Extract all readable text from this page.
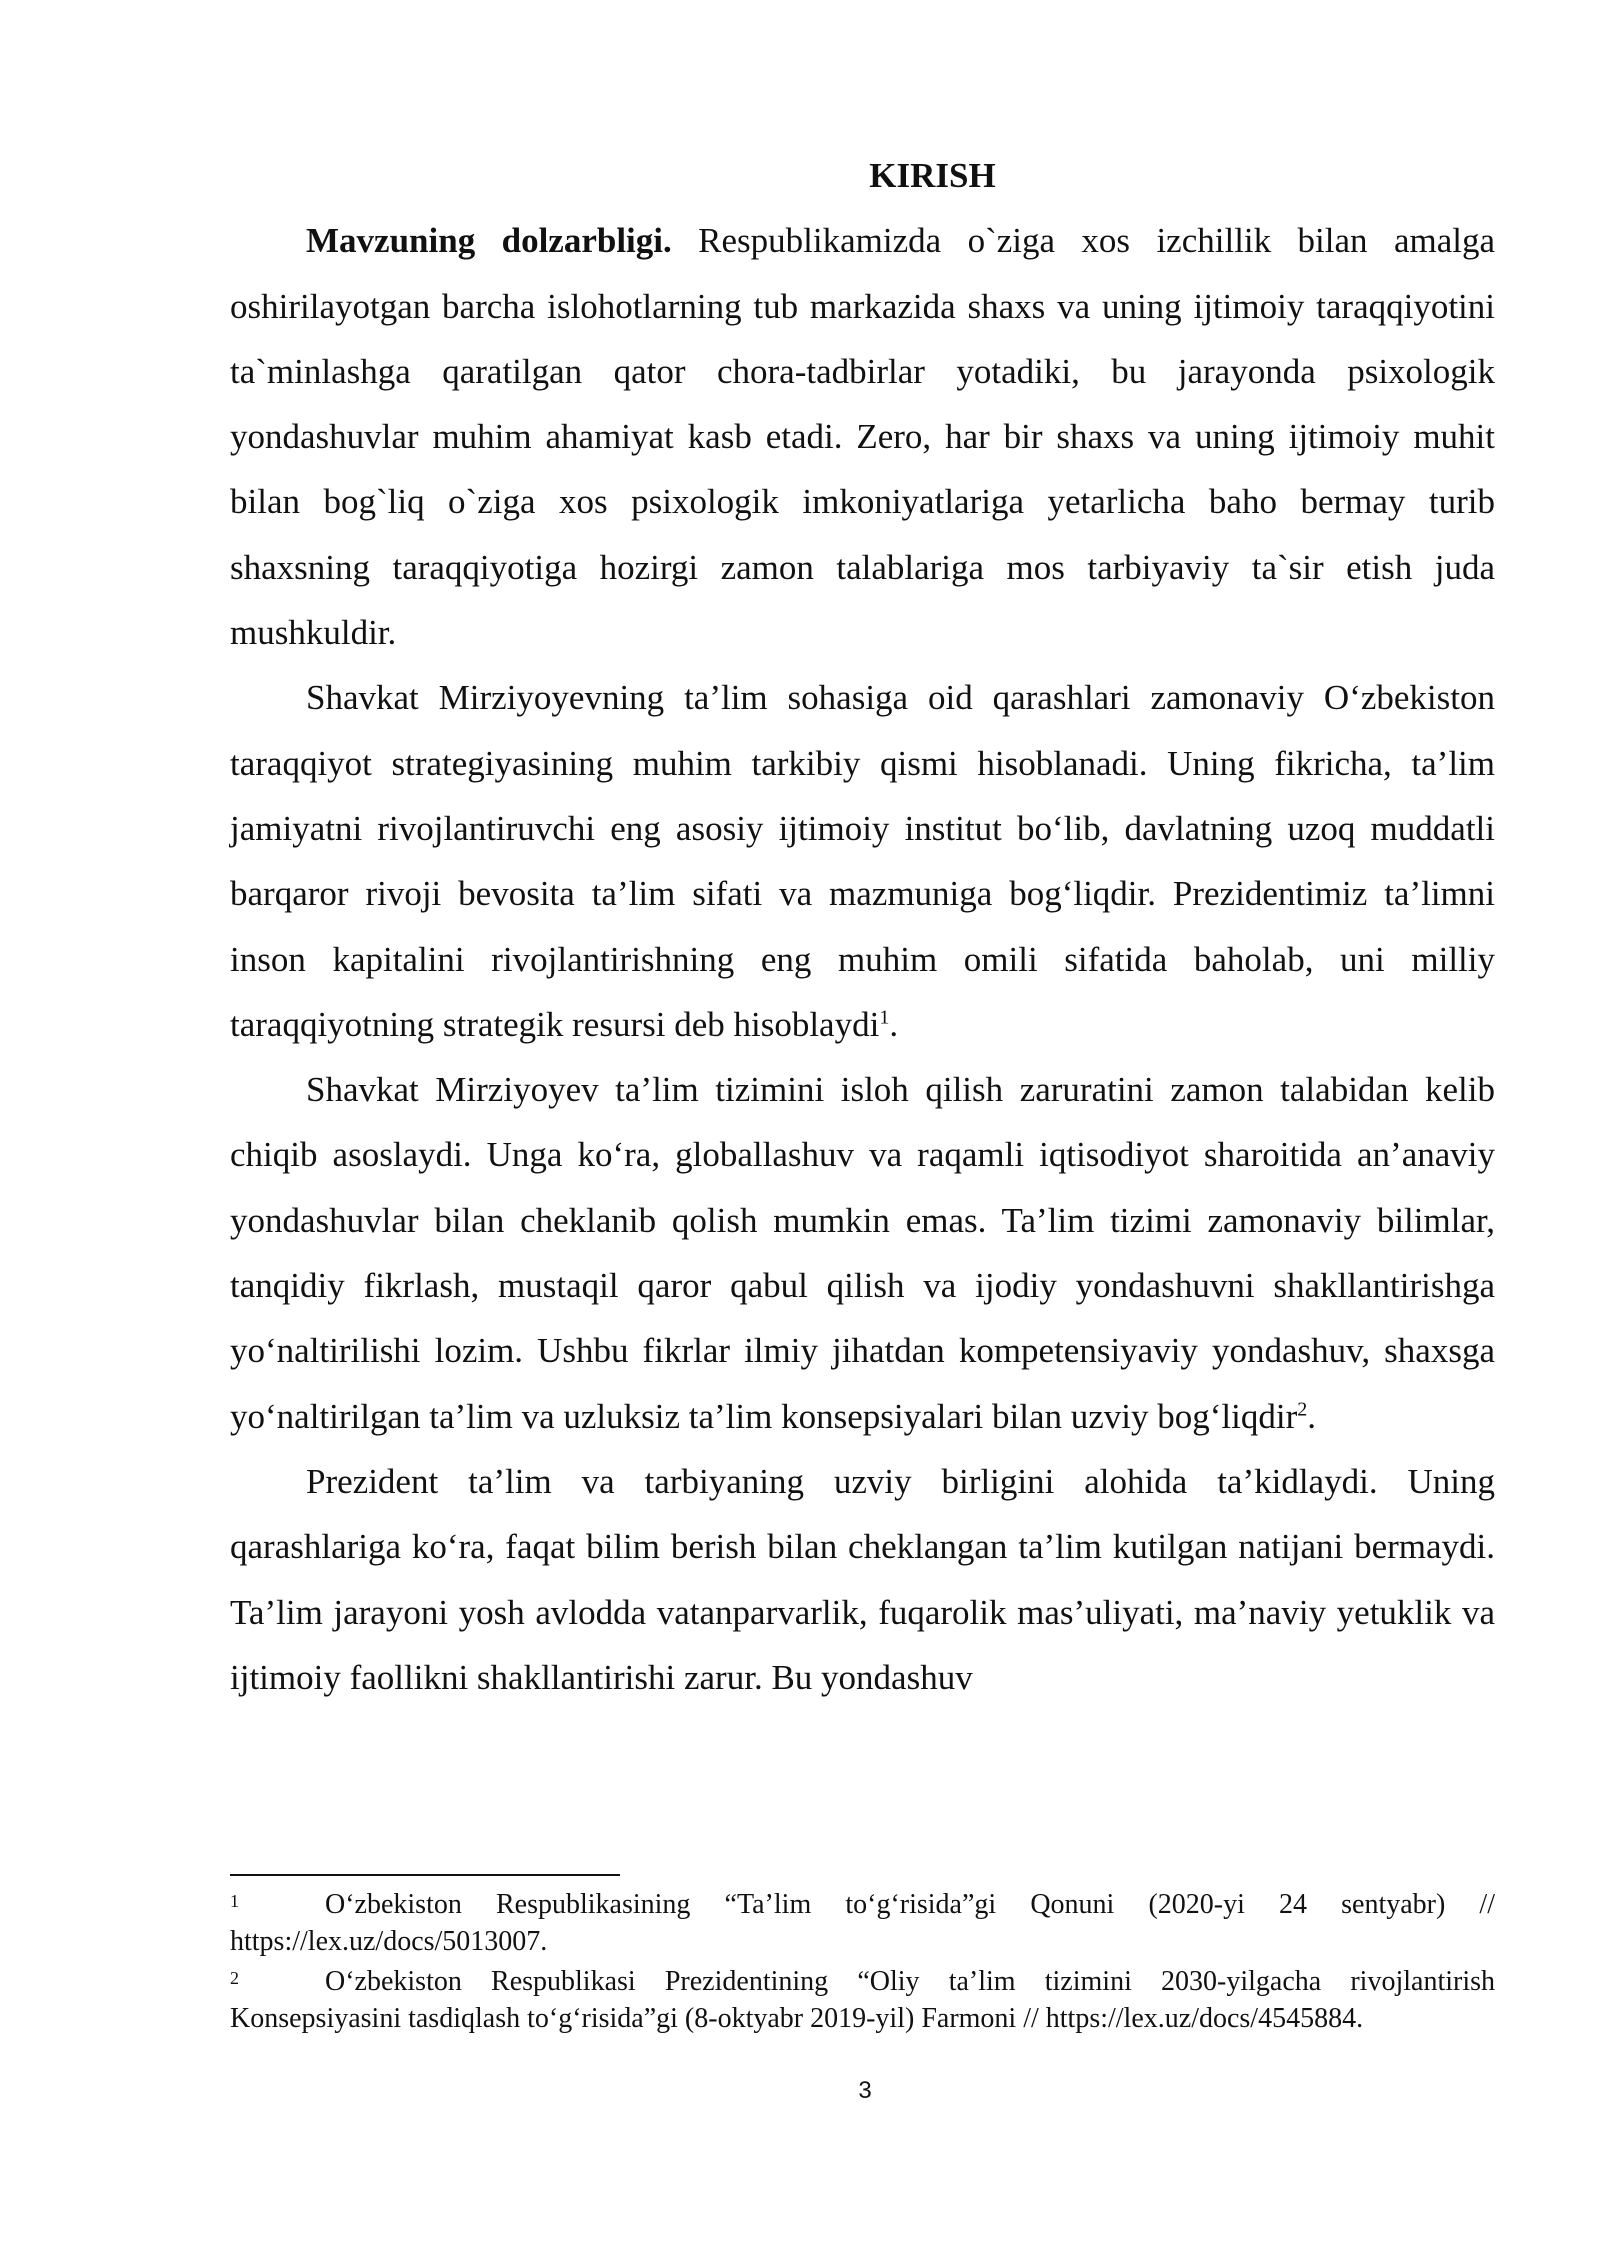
KIRISH

Mavzuning dolzarbligi. Respublikamizda o`ziga xos izchillik bilan amalga oshirilayotgan barcha islohotlarning tub markazida shaxs va uning ijtimoiy taraqqiyotini ta`minlashga qaratilgan qator chora-tadbirlar yotadiki, bu jarayonda psixologik yondashuvlar muhim ahamiyat kasb etadi. Zero, har bir shaxs va uning ijtimoiy muhit bilan bog`liq o`ziga xos psixologik imkoniyatlariga yetarlicha baho bermay turib shaxsning taraqqiyotiga hozirgi zamon talablariga mos tarbiyaviy ta`sir etish juda mushkuldir.

Shavkat Mirziyoyevning ta’lim sohasiga oid qarashlari zamonaviy O‘zbekiston taraqqiyot strategiyasining muhim tarkibiy qismi hisoblanadi. Uning fikricha, ta’lim jamiyatni rivojlantiruvchi eng asosiy ijtimoiy institut bo‘lib, davlatning uzoq muddatli barqaror rivoji bevosita ta’lim sifati va mazmuniga bog‘liqdir. Prezidentimiz ta’limni inson kapitalini rivojlantirishning eng muhim omili sifatida baholab, uni milliy taraqqiyotning strategik resursi deb hisoblaydi$^1$.

Shavkat Mirziyoyev ta’lim tizimini isloh qilish zaruratini zamon talabidan kelib chiqib asoslaydi. Unga ko‘ra, globallashuv va raqamli iqtisodiyot sharoitida an’anaviy yondashuvlar bilan cheklanib qolish mumkin emas. Ta’lim tizimi zamonaviy bilimlar, tanqidiy fikrlash, mustaqil qaror qabul qilish va ijodiy yondashuvni shakllantirishga yo‘naltirilishi lozim. Ushbu fikrlar ilmiy jihatdan kompetensiyaviy yondashuv, shaxsga yo‘naltirilgan ta’lim va uzluksiz ta’lim konsepsiyalari bilan uzviy bog‘liqdir$^2$.

Prezident ta’lim va tarbiyaning uzviy birligini alohida ta’kidlaydi. Uning qarashlariga ko‘ra, faqat bilim berish bilan cheklangan ta’lim kutilgan natijani bermaydi. Ta’lim jarayoni yosh avlodda vatanparvarlik, fuqarolik mas’uliyati, ma’naviy yetuklik va ijtimoiy faollikni shakllantirishi zarur. Bu yondashuv

1	O‘zbekiston Respublikasining “Ta’lim to‘g‘risida”gi Qonuni (2020-yi 24 sentyabr) // https://lex.uz/docs/5013007.

2	O‘zbekiston Respublikasi Prezidentining “Oliy ta’lim tizimini 2030-yilgacha rivojlantirish Konsepsiyasini tasdiqlash to‘g‘risida”gi (8-oktyabr 2019-yil) Farmoni // https://lex.uz/docs/4545884.

3
